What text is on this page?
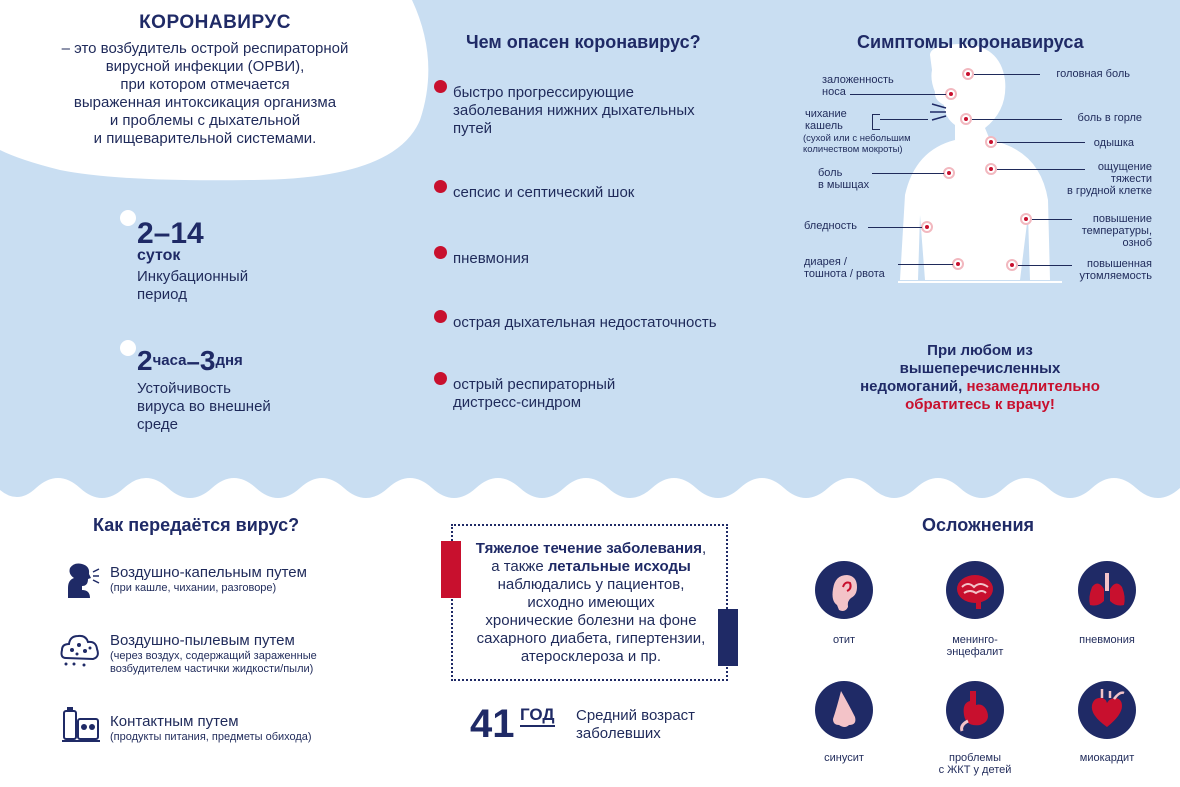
КОРОНАВИРУС
– это возбудитель острой респираторной
вирусной инфекции (ОРВИ),
при котором отмечается
выраженная интоксикация организма
и проблемы с дыхательной
и пищеварительной системами.
2–14
суток
Инкубационный
период
2часа–3дня
Устойчивость
вируса во внешней
среде
Чем опасен коронавирус?
быстро прогрессирующие
заболевания нижних дыхательных
путей
сепсис и септический шок
пневмония
острая дыхательная недостаточность
острый респираторный
дистресс-синдром
Симптомы коронавируса
заложенность
носа
чихание
кашель
(сухой или с небольшим
количеством мокроты)
боль
в мышцах
бледность
диарея /
тошнота / рвота
головная боль
боль в горле
одышка
ощущение
тяжести
в грудной клетке
повышение
температуры,
озноб
повышенная
утомляемость
При любом из
вышеперечисленных
недомоганий, незамедлительно
обратитесь к врачу!
Как передаётся вирус?
Воздушно-капельным путем
(при кашле, чихании, разговоре)
Воздушно-пылевым путем
(через воздух, содержащий зараженные
возбудителем частички жидкости/пыли)
Контактным путем
(продукты питания, предметы обихода)
Тяжелое течение заболевания,
а также летальные исходы
наблюдались у пациентов,
исходно имеющих
хронические болезни на фоне
сахарного диабета, гипертензии,
атеросклероза и пр.
41 ГОД Средний возраст
заболевших
Осложнения
отит	менинго-
энцефалит
пневмония
синусит	проблемы
с ЖКТ у детей
миокардит
